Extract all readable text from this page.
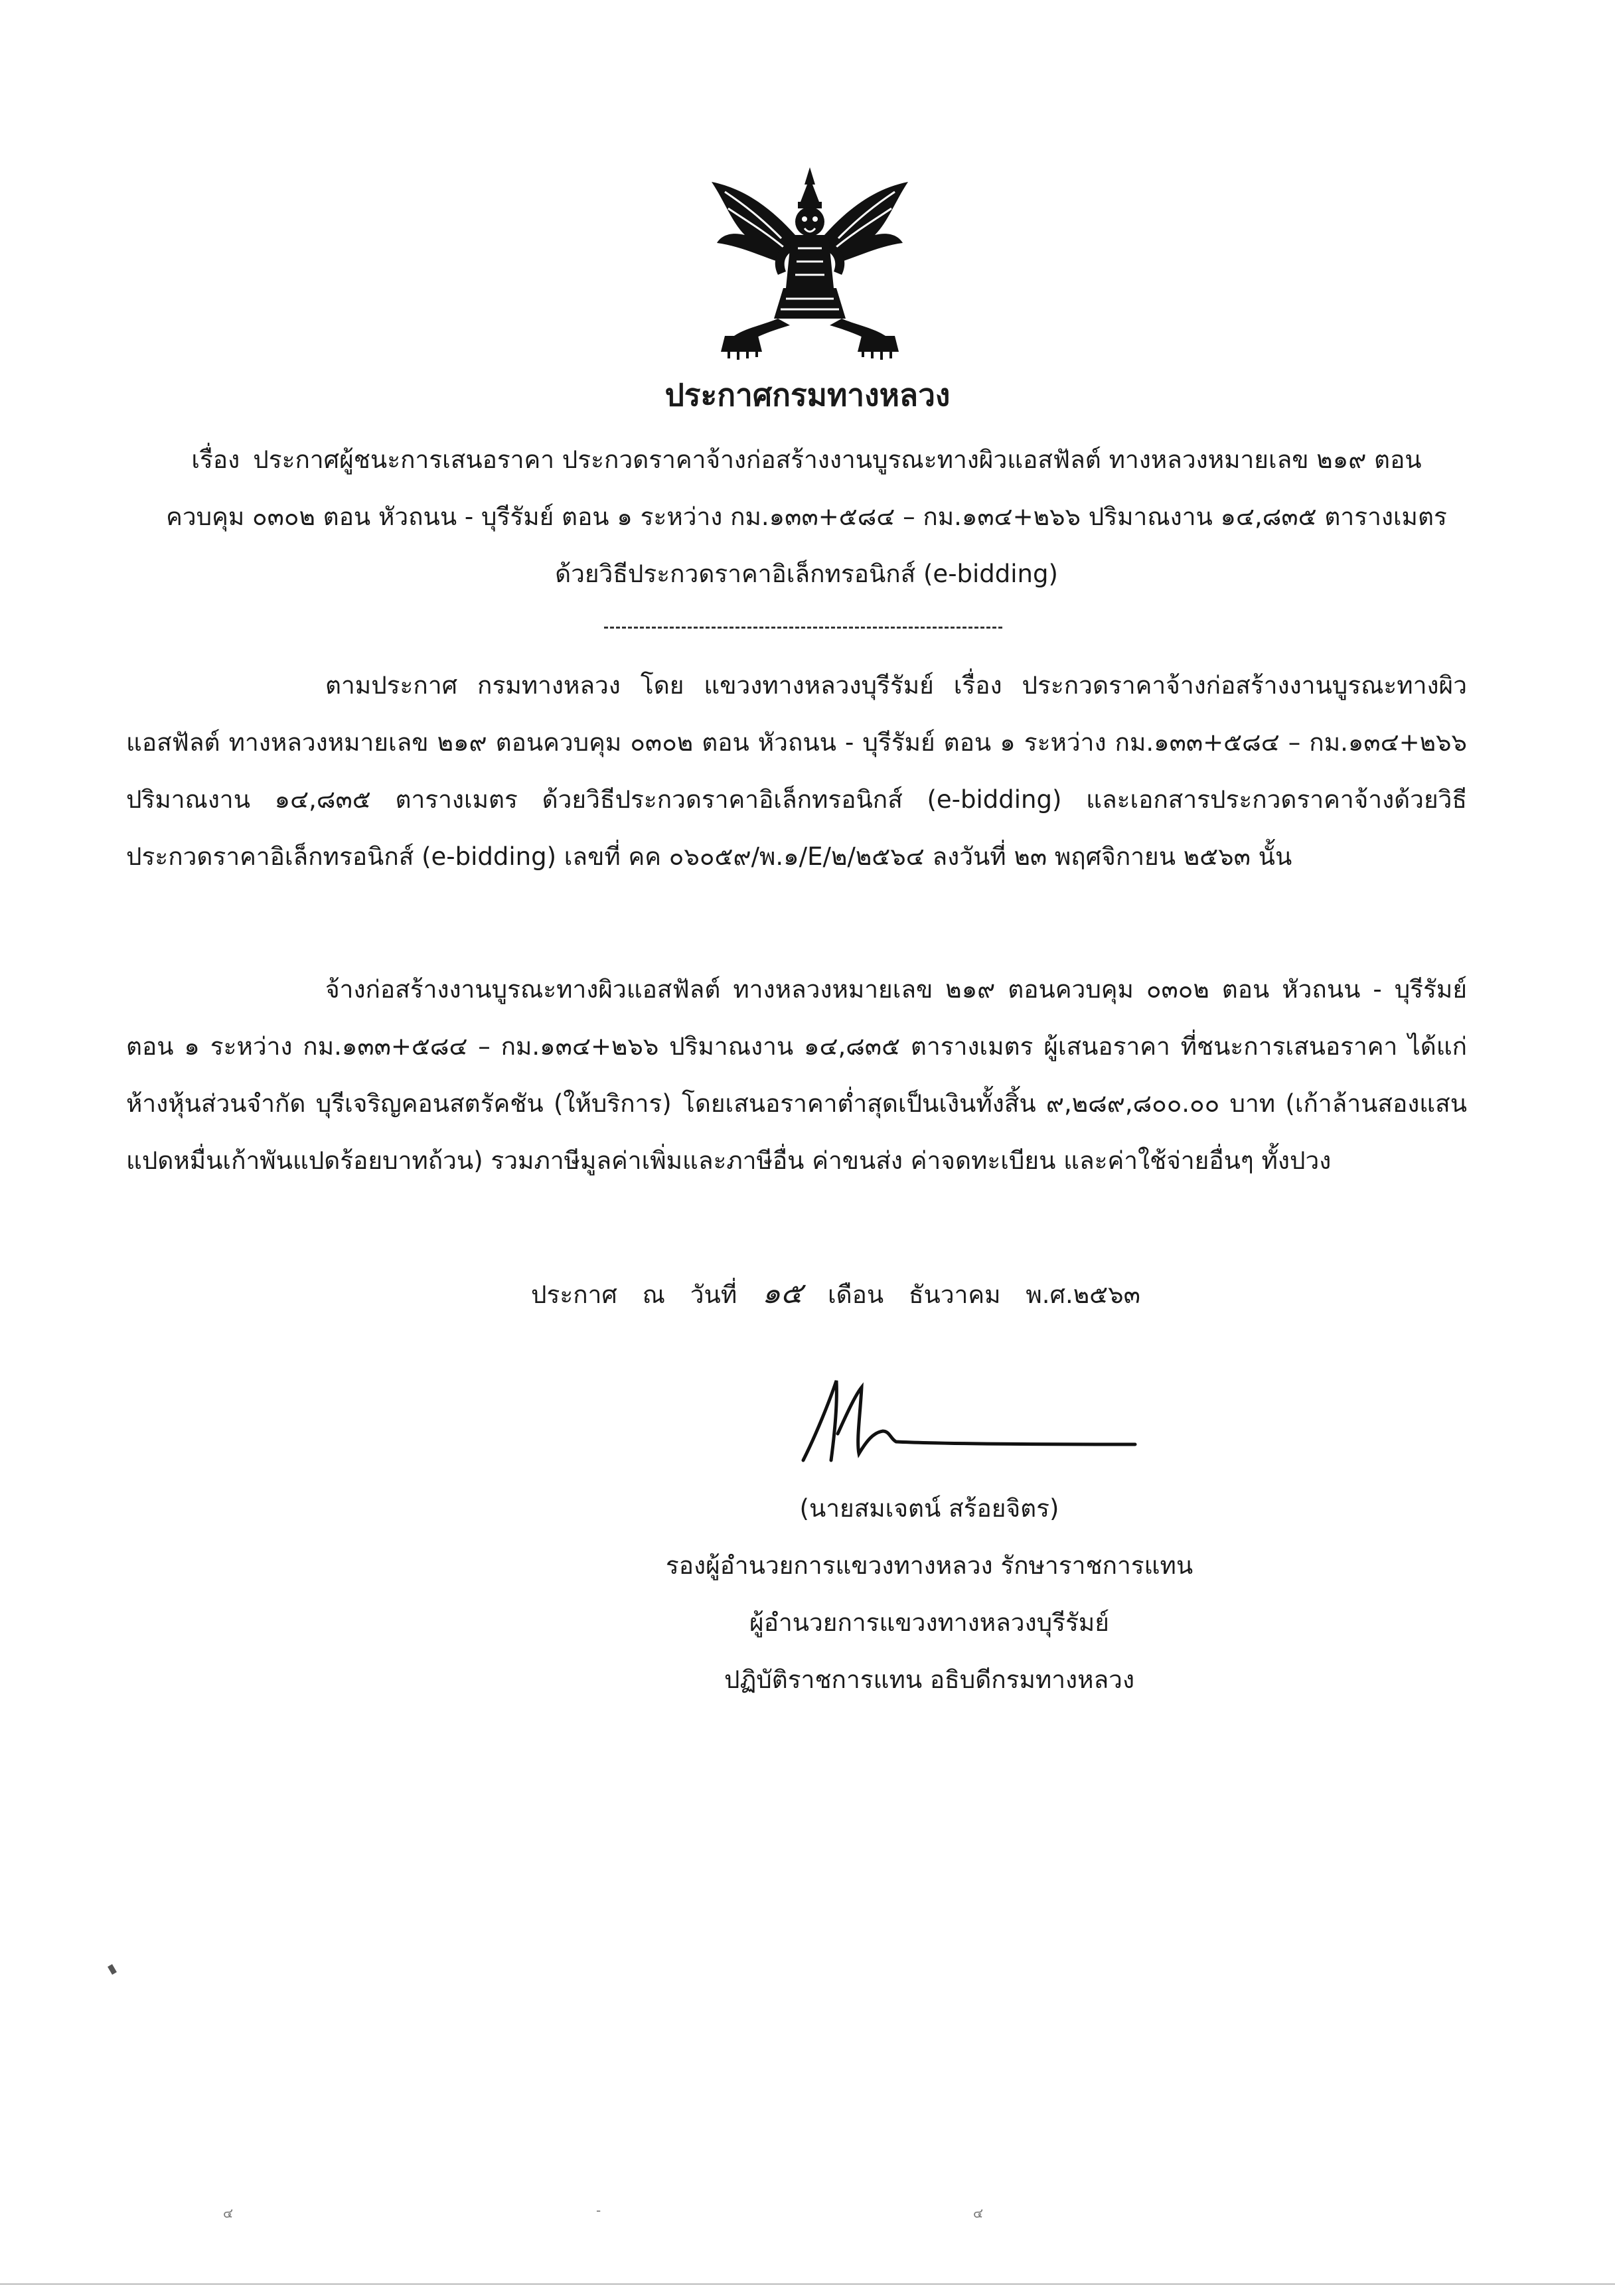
ประกาศกรมทางหลวง
เรื่อง ประกาศผู้ชนะการเสนอราคา ประกวดราคาจ้างก่อสร้างงานบูรณะทางผิวแอสฟัลต์ ทางหลวงหมายเลข ๒๑๙ ตอนควบคุม ๐๓๐๒ ตอน หัวถนน - บุรีรัมย์ ตอน ๑ ระหว่าง กม.๑๓๓+๕๘๔ – กม.๑๓๔+๒๖๖ ปริมาณงาน ๑๔,๘๓๕ ตารางเมตร ด้วยวิธีประกวดราคาอิเล็กทรอนิกส์ (e-bidding)

ตามประกาศ กรมทางหลวง โดย แขวงทางหลวงบุรีรัมย์ เรื่อง ประกวดราคาจ้างก่อสร้างงานบูรณะทางผิวแอสฟัลต์ ทางหลวงหมายเลข ๒๑๙ ตอนควบคุม ๐๓๐๒ ตอน หัวถนน - บุรีรัมย์ ตอน ๑ ระหว่าง กม.๑๓๓+๕๘๔ – กม.๑๓๔+๒๖๖ ปริมาณงาน ๑๔,๘๓๕ ตารางเมตร ด้วยวิธีประกวดราคาอิเล็กทรอนิกส์ (e-bidding) และเอกสารประกวดราคาจ้างด้วยวิธีประกวดราคาอิเล็กทรอนิกส์ (e-bidding) เลขที่ คค ๐๖๐๕๙/พ.๑/E/๒/๒๕๖๔ ลงวันที่ ๒๓ พฤศจิกายน ๒๕๖๓ นั้น

จ้างก่อสร้างงานบูรณะทางผิวแอสฟัลต์ ทางหลวงหมายเลข ๒๑๙ ตอนควบคุม ๐๓๐๒ ตอน หัวถนน - บุรีรัมย์ ตอน ๑ ระหว่าง กม.๑๓๓+๕๘๔ – กม.๑๓๔+๒๖๖ ปริมาณงาน ๑๔,๘๓๕ ตารางเมตร ผู้เสนอราคา ที่ชนะการเสนอราคา ได้แก่ ห้างหุ้นส่วนจำกัด บุรีเจริญคอนสตรัคชัน (ให้บริการ) โดยเสนอราคาต่ำสุดเป็นเงินทั้งสิ้น ๙,๒๘๙,๘๐๐.๐๐ บาท (เก้าล้านสองแสนแปดหมื่นเก้าพันแปดร้อยบาทถ้วน) รวมภาษีมูลค่าเพิ่มและภาษีอื่น ค่าขนส่ง ค่าจดทะเบียน และค่าใช้จ่ายอื่นๆ ทั้งปวง

ประกาศ ณ วันที่ ๑๕ เดือน ธันวาคม พ.ศ.๒๕๖๓
(นายสมเจตน์ สร้อยจิตร)
รองผู้อำนวยการแขวงทางหลวง รักษาราชการแทน
ผู้อำนวยการแขวงทางหลวงบุรีรัมย์
ปฏิบัติราชการแทน อธิบดีกรมทางหลวง
๔	-	๔
